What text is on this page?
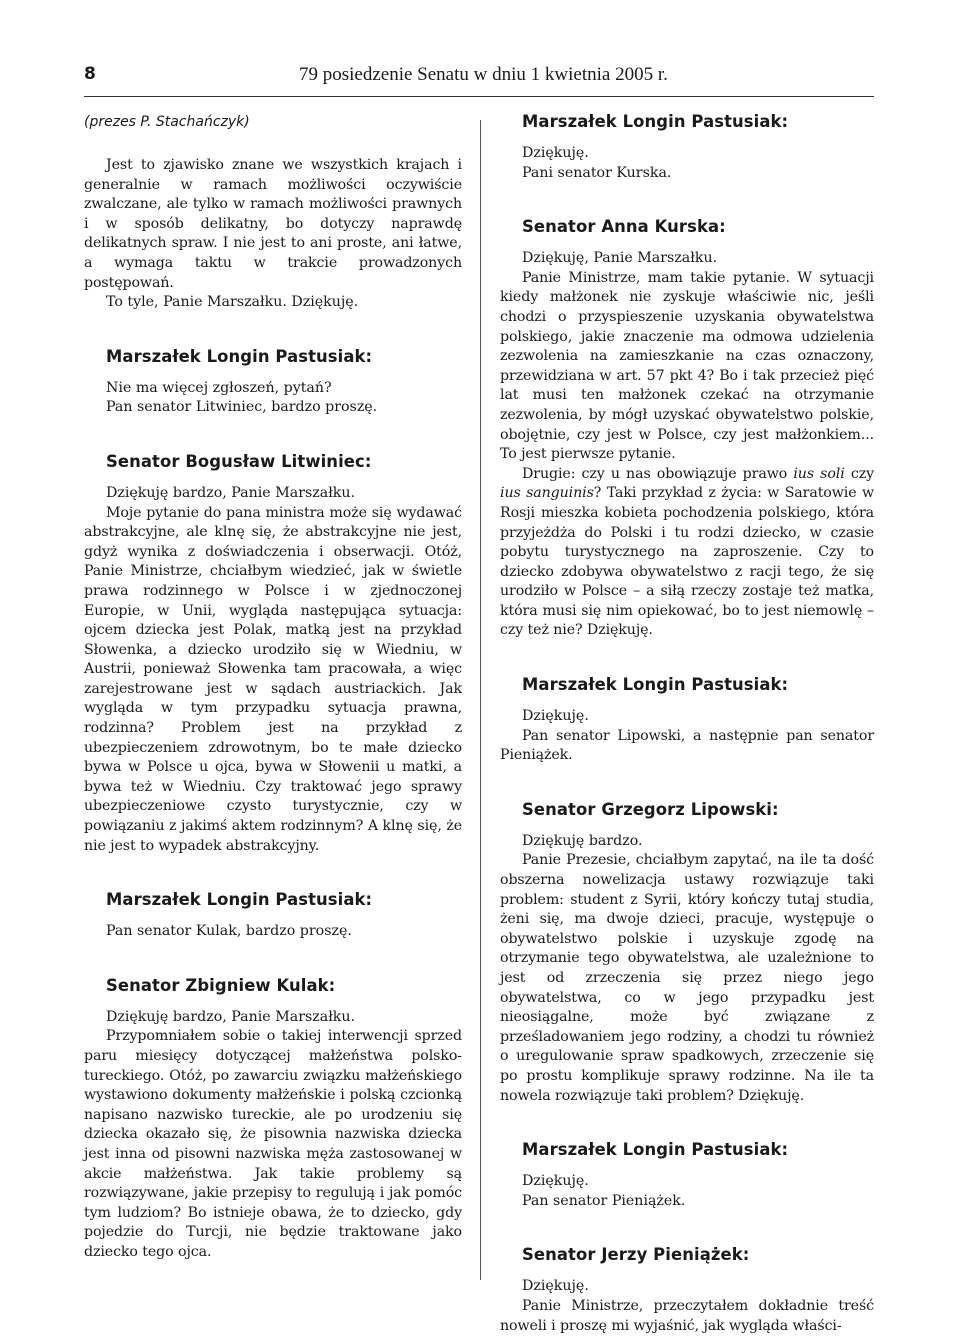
8	79 posiedzenie Senatu w dniu 1 kwietnia 2005 r.

(prezes P. Stachańczyk)

Jest to zjawisko znane we wszystkich krajach i generalnie w ramach możliwości oczywiście zwalczane, ale tylko w ramach możliwości prawnych i w sposób delikatny, bo dotyczy naprawdę delikatnych spraw. I nie jest to ani proste, ani łatwe, a wymaga taktu w trakcie prowadzonych postępowań.

To tyle, Panie Marszałku. Dziękuję.

Marszałek Longin Pastusiak:

Nie ma więcej zgłoszeń, pytań?

Pan senator Litwiniec, bardzo proszę.

Senator Bogusław Litwiniec:

Dziękuję bardzo, Panie Marszałku.

Moje pytanie do pana ministra może się wydawać abstrakcyjne, ale klnę się, że abstrakcyjne nie jest, gdyż wynika z doświadczenia i obserwacji. Otóż, Panie Ministrze, chciałbym wiedzieć, jak w świetle prawa rodzinnego w Polsce i w zjednoczonej Europie, w Unii, wygląda następująca sytuacja: ojcem dziecka jest Polak, matką jest na przykład Słowenka, a dziecko urodziło się w Wiedniu, w Austrii, ponieważ Słowenka tam pracowała, a więc zarejestrowane jest w sądach austriackich. Jak wygląda w tym przypadku sytuacja prawna, rodzinna? Problem jest na przykład z ubezpieczeniem zdrowotnym, bo te małe dziecko bywa w Polsce u ojca, bywa w Słowenii u matki, a bywa też w Wiedniu. Czy traktować jego sprawy ubezpieczeniowe czysto turystycznie, czy w powiązaniu z jakimś aktem rodzinnym? A klnę się, że nie jest to wypadek abstrakcyjny.

Marszałek Longin Pastusiak:

Pan senator Kulak, bardzo proszę.

Senator Zbigniew Kulak:

Dziękuję bardzo, Panie Marszałku.

Przypomniałem sobie o takiej interwencji sprzed paru miesięcy dotyczącej małżeństwa polsko-tureckiego. Otóż, po zawarciu związku małżeńskiego wystawiono dokumenty małżeńskie i polską czcionką napisano nazwisko tureckie, ale po urodzeniu się dziecka okazało się, że pisownia nazwiska dziecka jest inna od pisowni nazwiska męża zastosowanej w akcie małżeństwa. Jak takie problemy są rozwiązywane, jakie przepisy to regulują i jak pomóc tym ludziom? Bo istnieje obawa, że to dziecko, gdy pojedzie do Turcji, nie będzie traktowane jako dziecko tego ojca.

Marszałek Longin Pastusiak:

Dziękuję.

Pani senator Kurska.

Senator Anna Kurska:

Dziękuję, Panie Marszałku.

Panie Ministrze, mam takie pytanie. W sytuacji kiedy małżonek nie zyskuje właściwie nic, jeśli chodzi o przyspieszenie uzyskania obywatelstwa polskiego, jakie znaczenie ma odmowa udzielenia zezwolenia na zamieszkanie na czas oznaczony, przewidziana w art. 57 pkt 4? Bo i tak przecież pięć lat musi ten małżonek czekać na otrzymanie zezwolenia, by mógł uzyskać obywatelstwo polskie, obojętnie, czy jest w Polsce, czy jest małżonkiem... To jest pierwsze pytanie.

Drugie: czy u nas obowiązuje prawo ius soli czy ius sanguinis? Taki przykład z życia: w Saratowie w Rosji mieszka kobieta pochodzenia polskiego, która przyjeżdża do Polski i tu rodzi dziecko, w czasie pobytu turystycznego na zaproszenie. Czy to dziecko zdobywa obywatelstwo z racji tego, że się urodziło w Polsce – a siłą rzeczy zostaje też matka, która musi się nim opiekować, bo to jest niemowlę – czy też nie? Dziękuję.

Marszałek Longin Pastusiak:

Dziękuję.

Pan senator Lipowski, a następnie pan senator Pieniążek.

Senator Grzegorz Lipowski:

Dziękuję bardzo.

Panie Prezesie, chciałbym zapytać, na ile ta dość obszerna nowelizacja ustawy rozwiązuje taki problem: student z Syrii, który kończy tutaj studia, żeni się, ma dwoje dzieci, pracuje, występuje o obywatelstwo polskie i uzyskuje zgodę na otrzymanie tego obywatelstwa, ale uzależnione to jest od zrzeczenia się przez niego jego obywatelstwa, co w jego przypadku jest nieosiągalne, może być związane z prześladowaniem jego rodziny, a chodzi tu również o uregulowanie spraw spadkowych, zrzeczenie się po prostu komplikuje sprawy rodzinne. Na ile ta nowela rozwiązuje taki problem? Dziękuję.

Marszałek Longin Pastusiak:

Dziękuję.

Pan senator Pieniążek.

Senator Jerzy Pieniążek:

Dziękuję.

Panie Ministrze, przeczytałem dokładnie treść noweli i proszę mi wyjaśnić, jak wygląda właści-
